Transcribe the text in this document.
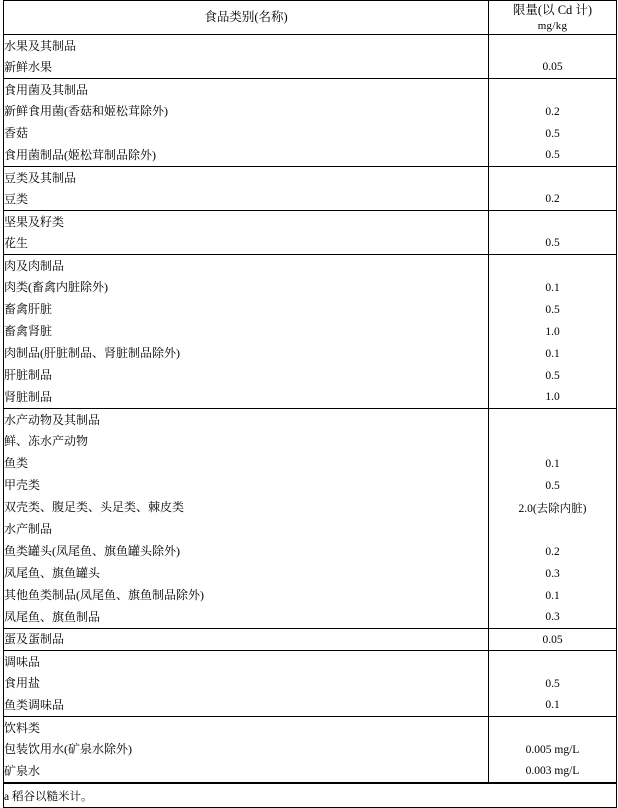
食品类别(名称)	限量(以 Cd 计)
mg/kg

水果及其制品	
新鲜水果	0.05
食用菌及其制品	
新鲜食用菌(香菇和姬松茸除外)	0.2
香菇	0.5
食用菌制品(姬松茸制品除外)	0.5
豆类及其制品	
豆类	0.2
坚果及籽类	
花生	0.5
肉及肉制品	
肉类(畜禽内脏除外)	0.1
畜禽肝脏	0.5
畜禽肾脏	1.0
肉制品(肝脏制品、肾脏制品除外)	0.1
肝脏制品	0.5
肾脏制品	1.0
水产动物及其制品	
鲜、冻水产动物	
鱼类	0.1
甲壳类	0.5
双壳类、腹足类、头足类、棘皮类	2.0(去除内脏)
水产制品	
鱼类罐头(凤尾鱼、旗鱼罐头除外)	0.2
凤尾鱼、旗鱼罐头	0.3
其他鱼类制品(凤尾鱼、旗鱼制品除外)	0.1
凤尾鱼、旗鱼制品	0.3
蛋及蛋制品	0.05
调味品	
食用盐	0.5
鱼类调味品	0.1
饮料类	
包装饮用水(矿泉水除外)	0.005 mg/L
矿泉水	0.003 mg/L
a 稻谷以糙米计。
